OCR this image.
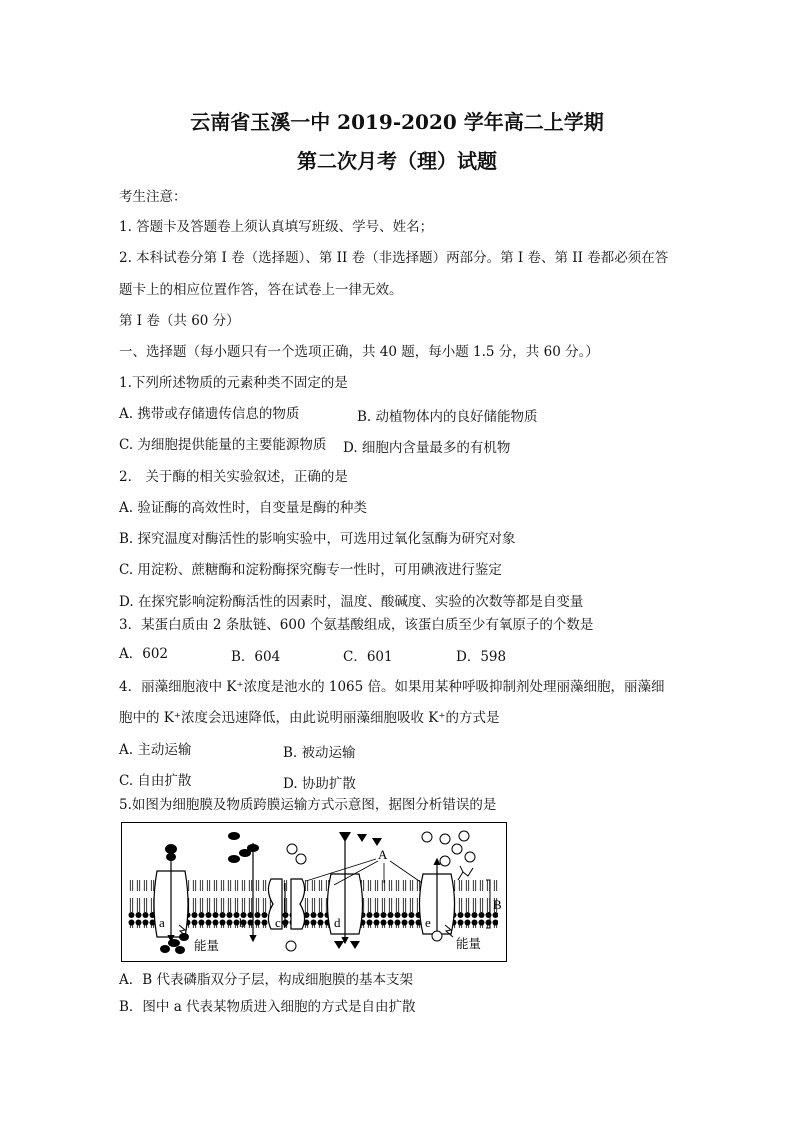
云南省玉溪一中 2019-2020 学年高二上学期
第二次月考（理）试题
考生注意：
1. 答题卡及答题卷上须认真填写班级、学号、姓名；
2. 本科试卷分第 I 卷（选择题）、第 II 卷（非选择题）两部分。第 I 卷、第 II 卷都必须在答
题卡上的相应位置作答，答在试卷上一律无效。
第 I 卷（共 60 分）
一、选择题（每小题只有一个选项正确，共 40 题，每小题 1.5 分，共 60 分。）
1.下列所述物质的元素种类不固定的是
A. 携带或存储遗传信息的物质	B. 动植物体内的良好储能物质
C. 为细胞提供能量的主要能源物质 D. 细胞内含量最多的有机物
2． 关于酶的相关实验叙述，正确的是
A. 验证酶的高效性时，自变量是酶的种类
B. 探究温度对酶活性的影响实验中，可选用过氧化氢酶为研究对象
C. 用淀粉、蔗糖酶和淀粉酶探究酶专一性时，可用碘液进行鉴定
D. 在探究影响淀粉酶活性的因素时，温度、酸碱度、实验的次数等都是自变量
3．某蛋白质由 2 条肽链、600 个氨基酸组成，该蛋白质至少有氧原子的个数是
A．602	B．604	C．601	D．598
4．丽藻细胞液中 K⁺浓度是池水的 1065 倍。如果用某种呼吸抑制剂处理丽藻细胞，丽藻细
胞中的 K⁺浓度会迅速降低，由此说明丽藻细胞吸收 K⁺的方式是
A. 主动运输	B. 被动运输
C. 自由扩散	D. 协助扩散
5.如图为细胞膜及物质跨膜运输方式示意图，据图分析错误的是
A
B
a	b c	d	e
能量	能量
A．B 代表磷脂双分子层，构成细胞膜的基本支架
B．图中 a 代表某物质进入细胞的方式是自由扩散
